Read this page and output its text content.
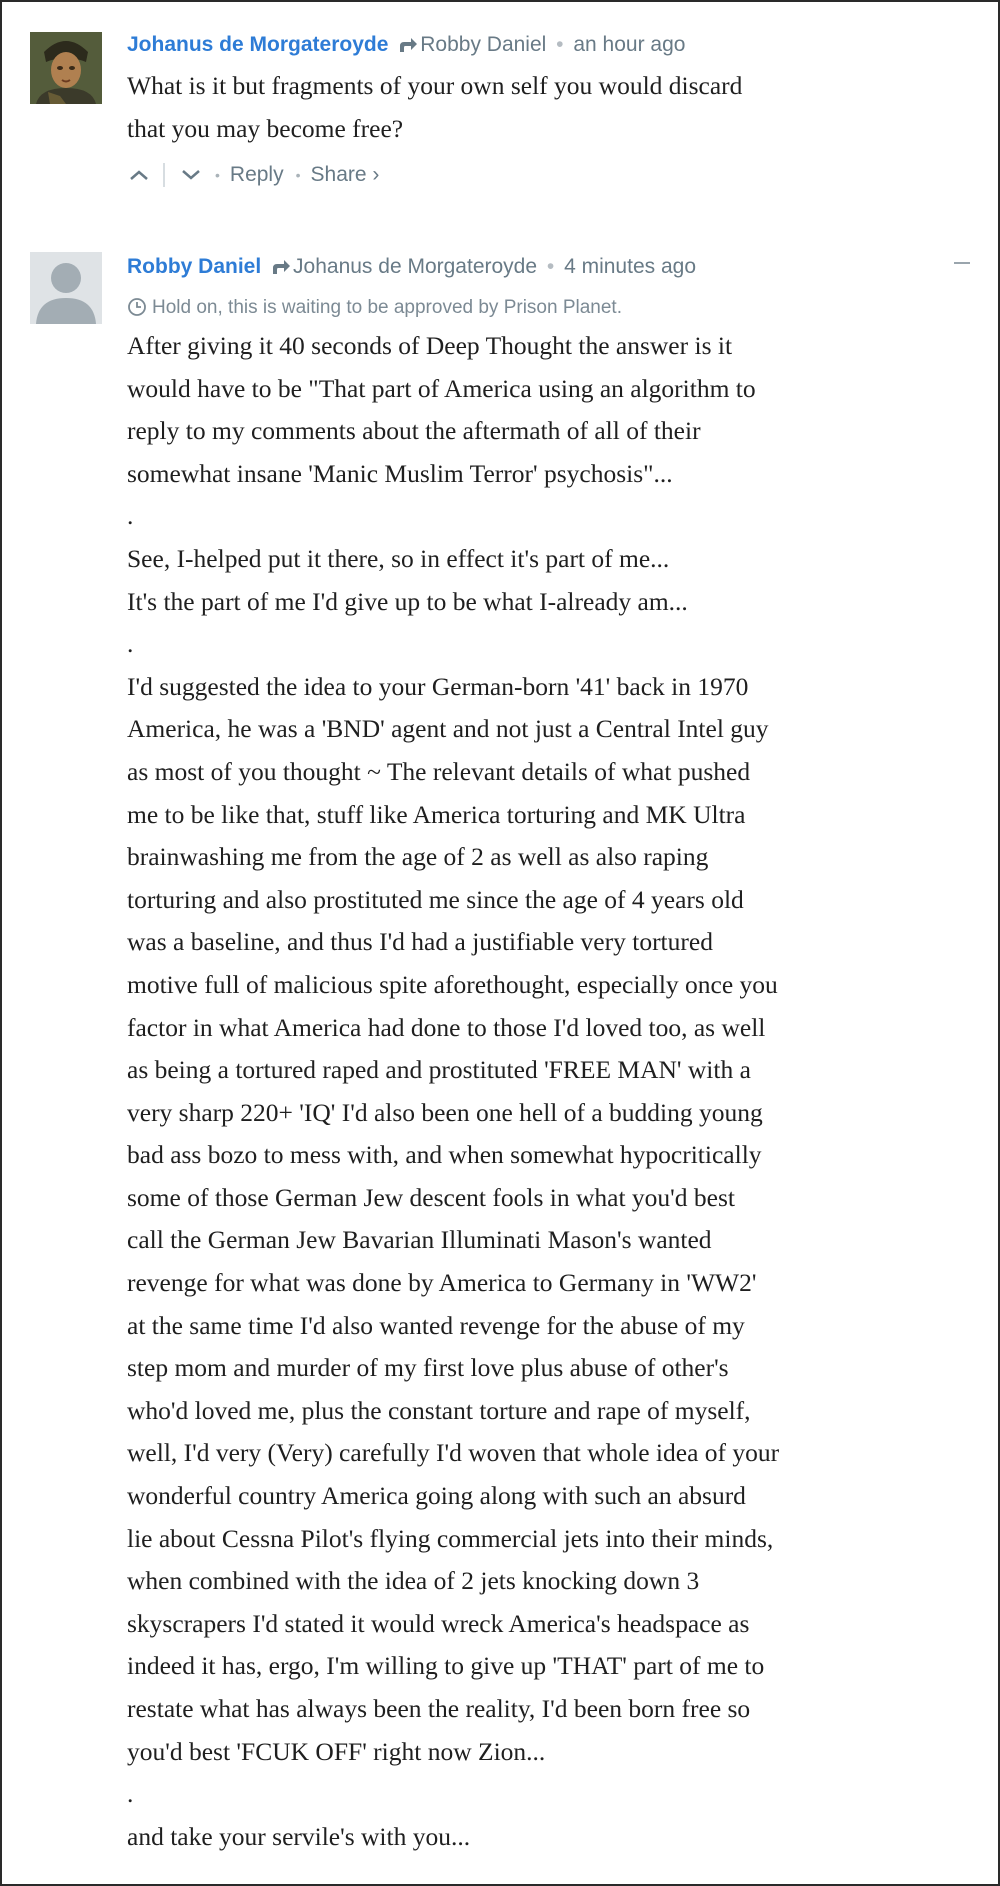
Johanus de Morgateroyde Robby Daniel • an hour ago

What is it but fragments of your own self you would discard

that you may become free?

• Reply • Share ›
Robby Daniel Johanus de Morgateroyde • 4 minutes ago
Hold on, this is waiting to be approved by Prison Planet.

After giving it 40 seconds of Deep Thought the answer is it

would have to be "That part of America using an algorithm to

reply to my comments about the aftermath of all of their

somewhat insane 'Manic Muslim Terror' psychosis"...

.

See, I-helped put it there, so in effect it's part of me...

It's the part of me I'd give up to be what I-already am...

.

I'd suggested the idea to your German-born '41' back in 1970

America, he was a 'BND' agent and not just a Central Intel guy

as most of you thought ~ The relevant details of what pushed

me to be like that, stuff like America torturing and MK Ultra

brainwashing me from the age of 2 as well as also raping

torturing and also prostituted me since the age of 4 years old

was a baseline, and thus I'd had a justifiable very tortured

motive full of malicious spite aforethought, especially once you

factor in what America had done to those I'd loved too, as well

as being a tortured raped and prostituted 'FREE MAN' with a

very sharp 220+ 'IQ' I'd also been one hell of a budding young

bad ass bozo to mess with, and when somewhat hypocritically

some of those German Jew descent fools in what you'd best

call the German Jew Bavarian Illuminati Mason's wanted

revenge for what was done by America to Germany in 'WW2'

at the same time I'd also wanted revenge for the abuse of my

step mom and murder of my first love plus abuse of other's

who'd loved me, plus the constant torture and rape of myself,

well, I'd very (Very) carefully I'd woven that whole idea of your

wonderful country America going along with such an absurd

lie about Cessna Pilot's flying commercial jets into their minds,

when combined with the idea of 2 jets knocking down 3

skyscrapers I'd stated it would wreck America's headspace as

indeed it has, ergo, I'm willing to give up 'THAT' part of me to

restate what has always been the reality, I'd been born free so

you'd best 'FCUK OFF' right now Zion...

.

and take your servile's with you...
